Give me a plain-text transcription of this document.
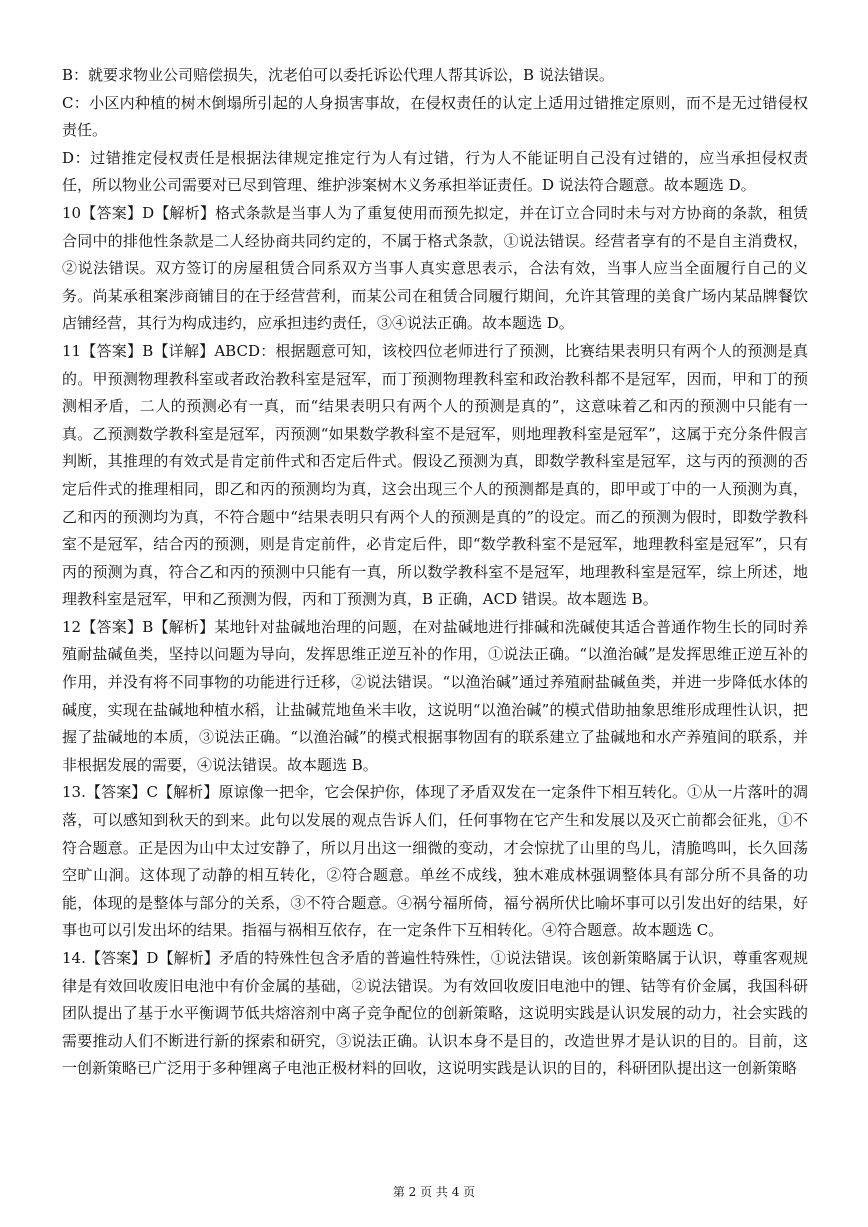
B：就要求物业公司赔偿损失，沈老伯可以委托诉讼代理人帮其诉讼，B 说法错误。

C：小区内种植的树木倒塌所引起的人身损害事故，在侵权责任的认定上适用过错推定原则，而不是无过错侵权责任。

D：过错推定侵权责任是根据法律规定推定行为人有过错，行为人不能证明自己没有过错的，应当承担侵权责任，所以物业公司需要对已尽到管理、维护涉案树木义务承担举证责任。D 说法符合题意。故本题选 D。

10【答案】D【解析】格式条款是当事人为了重复使用而预先拟定，并在订立合同时未与对方协商的条款，租赁合同中的排他性条款是二人经协商共同约定的，不属于格式条款，①说法错误。经营者享有的不是自主消费权，②说法错误。双方签订的房屋租赁合同系双方当事人真实意思表示，合法有效，当事人应当全面履行自己的义务。尚某承租案涉商铺目的在于经营营利，而某公司在租赁合同履行期间，允许其管理的美食广场内某品牌餐饮店铺经营，其行为构成违约，应承担违约责任，③④说法正确。故本题选 D。

11【答案】B【详解】ABCD：根据题意可知，该校四位老师进行了预测，比赛结果表明只有两个人的预测是真的。甲预测物理教科室或者政治教科室是冠军，而丁预测物理教科室和政治教科都不是冠军，因而，甲和丁的预测相矛盾，二人的预测必有一真，而“结果表明只有两个人的预测是真的”，这意味着乙和丙的预测中只能有一真。乙预测数学教科室是冠军，丙预测“如果数学教科室不是冠军，则地理教科室是冠军”，这属于充分条件假言判断，其推理的有效式是肯定前件式和否定后件式。假设乙预测为真，即数学教科室是冠军，这与丙的预测的否定后件式的推理相同，即乙和丙的预测均为真，这会出现三个人的预测都是真的，即甲或丁中的一人预测为真，乙和丙的预测均为真，不符合题中“结果表明只有两个人的预测是真的”的设定。而乙的预测为假时，即数学教科室不是冠军，结合丙的预测，则是肯定前件，必肯定后件，即“数学教科室不是冠军，地理教科室是冠军”，只有丙的预测为真，符合乙和丙的预测中只能有一真，所以数学教科室不是冠军，地理教科室是冠军，综上所述，地理教科室是冠军，甲和乙预测为假，丙和丁预测为真，B 正确，ACD 错误。故本题选 B。

12【答案】B【解析】某地针对盐碱地治理的问题，在对盐碱地进行排碱和洗碱使其适合普通作物生长的同时养殖耐盐碱鱼类，坚持以问题为导向，发挥思维正逆互补的作用，①说法正确。“以渔治碱”是发挥思维正逆互补的作用，并没有将不同事物的功能进行迁移，②说法错误。“以渔治碱”通过养殖耐盐碱鱼类，并进一步降低水体的碱度，实现在盐碱地种植水稻，让盐碱荒地鱼米丰收，这说明“以渔治碱”的模式借助抽象思维形成理性认识，把握了盐碱地的本质，③说法正确。“以渔治碱”的模式根据事物固有的联系建立了盐碱地和水产养殖间的联系，并非根据发展的需要，④说法错误。故本题选 B。

13.【答案】C【解析】原谅像一把伞，它会保护你，体现了矛盾双发在一定条件下相互转化。①从一片落叶的凋落，可以感知到秋天的到来。此句以发展的观点告诉人们，任何事物在它产生和发展以及灭亡前都会征兆，①不符合题意。正是因为山中太过安静了，所以月出这一细微的变动，才会惊扰了山里的鸟儿，清脆鸣叫，长久回荡空旷山涧。这体现了动静的相互转化，②符合题意。单丝不成线，独木难成林强调整体具有部分所不具备的功能，体现的是整体与部分的关系，③不符合题意。④祸兮福所倚，福兮祸所伏比喻坏事可以引发出好的结果，好事也可以引发出坏的结果。指福与祸相互依存，在一定条件下互相转化。④符合题意。故本题选 C。

14.【答案】D【解析】矛盾的特殊性包含矛盾的普遍性特殊性，①说法错误。该创新策略属于认识，尊重客观规律是有效回收废旧电池中有价金属的基础，②说法错误。为有效回收废旧电池中的锂、钴等有价金属，我国科研团队提出了基于水平衡调节低共熔溶剂中离子竞争配位的创新策略，这说明实践是认识发展的动力，社会实践的需要推动人们不断进行新的探索和研究，③说法正确。认识本身不是目的，改造世界才是认识的目的。目前，这一创新策略已广泛用于多种锂离子电池正极材料的回收，这说明实践是认识的目的，科研团队提出这一创新策略

第 2 页 共 4 页
